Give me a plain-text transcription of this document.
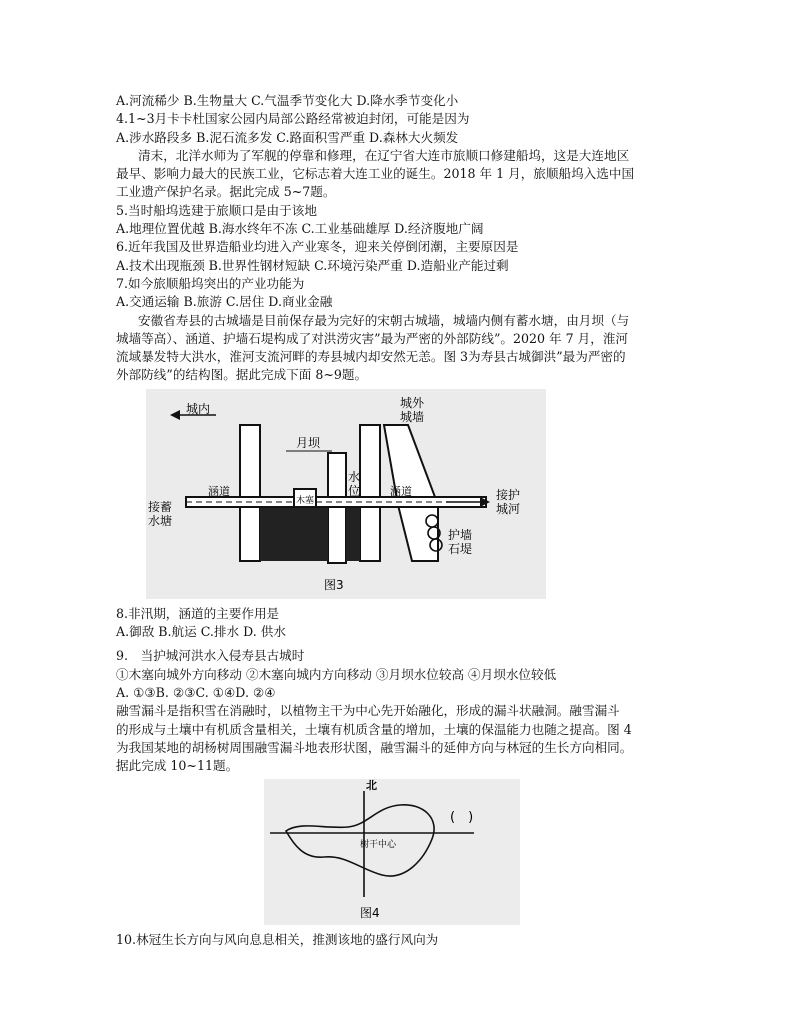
A.河流稀少 B.生物量大 C.气温季节变化大 D.降水季节变化小
4.1~3月卡卡杜国家公园内局部公路经常被迫封闭，可能是因为
A.涉水路段多 B.泥石流多发 C.路面积雪严重 D.森林大火频发
清末，北洋水师为了军舰的停靠和修理，在辽宁省大连市旅顺口修建船坞，这是大连地区
最早、影响力最大的民族工业，它标志着大连工业的诞生。2018 年 1 月，旅顺船坞入选中国
工业遗产保护名录。据此完成 5~7题。
5.当时船坞选建于旅顺口是由于该地
A.地理位置优越 B.海水终年不冻 C.工业基础雄厚 D.经济腹地广阔
6.近年我国及世界造船业均进入产业寒冬，迎来关停倒闭潮，主要原因是
A.技术出现瓶颈 B.世界性钢材短缺 C.环境污染严重 D.造船业产能过剩
7.如今旅顺船坞突出的产业功能为
A.交通运输 B.旅游 C.居住 D.商业金融
安徽省寿县的古城墙是目前保存最为完好的宋朝古城墙，城墙内侧有蓄水塘，由月坝（与
城墙等高）、涵道、护墙石堤构成了对洪涝灾害”最为严密的外部防线”。2020 年 7 月，淮河
流域暴发特大洪水，淮河支流河畔的寿县城内却安然无恙。图 3为寿县古城御洪”最为严密的
外部防线”的结构图。据此完成下面 8~9题。
城内	城外
城墙
月坝
水
位
涵道	涵道
接蓄
水塘
接护
城河
护墙
石堤
木塞
图3
8.非汛期，涵道的主要作用是
A.御敌 B.航运 C.排水 D. 供水
9.　当护城河洪水入侵寿县古城时
①木塞向城外方向移动 ②木塞向城内方向移动 ③月坝水位较高 ④月坝水位较低
A. ①③B. ②③C. ①④D. ②④
融雪漏斗是指积雪在消融时，以植物主干为中心先开始融化，形成的漏斗状融洞。融雪漏斗
的形成与土壤中有机质含量相关，土壤有机质含量的增加，土壤的保温能力也随之提高。图 4
为我国某地的胡杨树周围融雪漏斗地表形状图，融雪漏斗的延伸方向与林冠的生长方向相同。
据此完成 10~11题。
北
树干中心
(　)
图4
10.林冠生长方向与风向息息相关，推测该地的盛行风向为
